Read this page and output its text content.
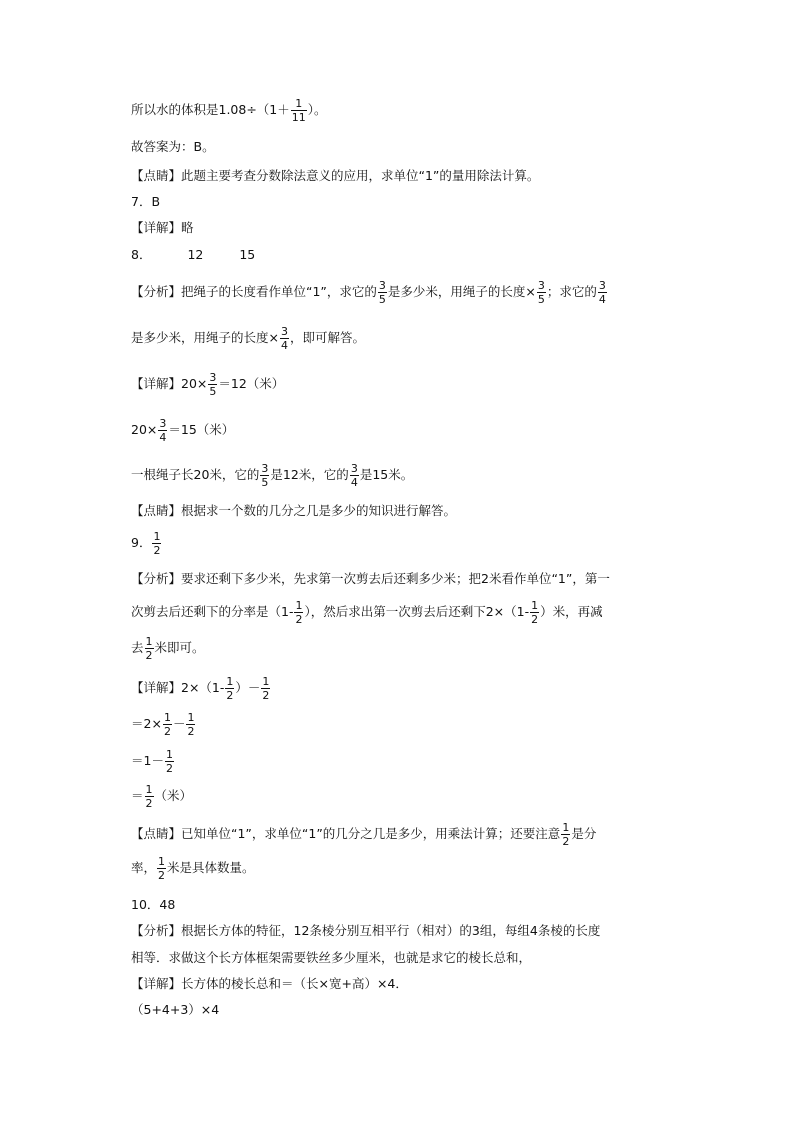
所以水的体积是$1.08\div(1+ \frac{1}{11}$ ）。
故答案为：B。
【点睛】此题主要考查分数除法意义的应用，求单位“1”的量用除法计算。
7．B
【详解】略
8．	12	15
【分析】把绳子的长度看作单位“1”，求它的 $\frac{3}{5}$ 是多少米，用绳子的长度× $\frac{3}{5}$ ；求它的 $\frac{3}{4}$
是多少米，用绳子的长度× $\frac{3}{4}$ ，即可解答。
【详解】$20\times \frac{3}{5} =12$（米）
$20\times \frac{3}{4} =15$（米）
一根绳子长20米，它的 $\frac{3}{5}$ 是12米，它的 $\frac{3}{4}$ 是15米。
【点睛】根据求一个数的几分之几是多少的知识进行解答。
9． $\frac{1}{2}$
【分析】要求还剩下多少米，先求第一次剪去后还剩多少米；把2米看作单位“1”，第一
次剪去后还剩下的分率是（$1- \frac{1}{2}$ ），然后求出第一次剪去后还剩下$2\times(1- \frac{1}{2}$ ）米，再减
去 $\frac{1}{2}$ 米即可。
【详解】$2\times(1- \frac{1}{2}$ ）－ $\frac{1}{2}$
$=2\times \frac{1}{2} - \frac{1}{2}$
$=1- \frac{1}{2}$
＝ $\frac{1}{2}$ （米）
【点睛】已知单位“1”，求单位“1”的几分之几是多少，用乘法计算；还要注意 $\frac{1}{2}$ 是分
率， $\frac{1}{2}$ 米是具体数量。
10．48
【分析】根据长方体的特征，12条棱分别互相平行（相对）的3组，每组4条棱的长度
相等．求做这个长方体框架需要铁丝多少厘米，也就是求它的棱长总和，
【详解】长方体的棱长总和＝（长×宽+高）×4．
（5+4+3）×4
